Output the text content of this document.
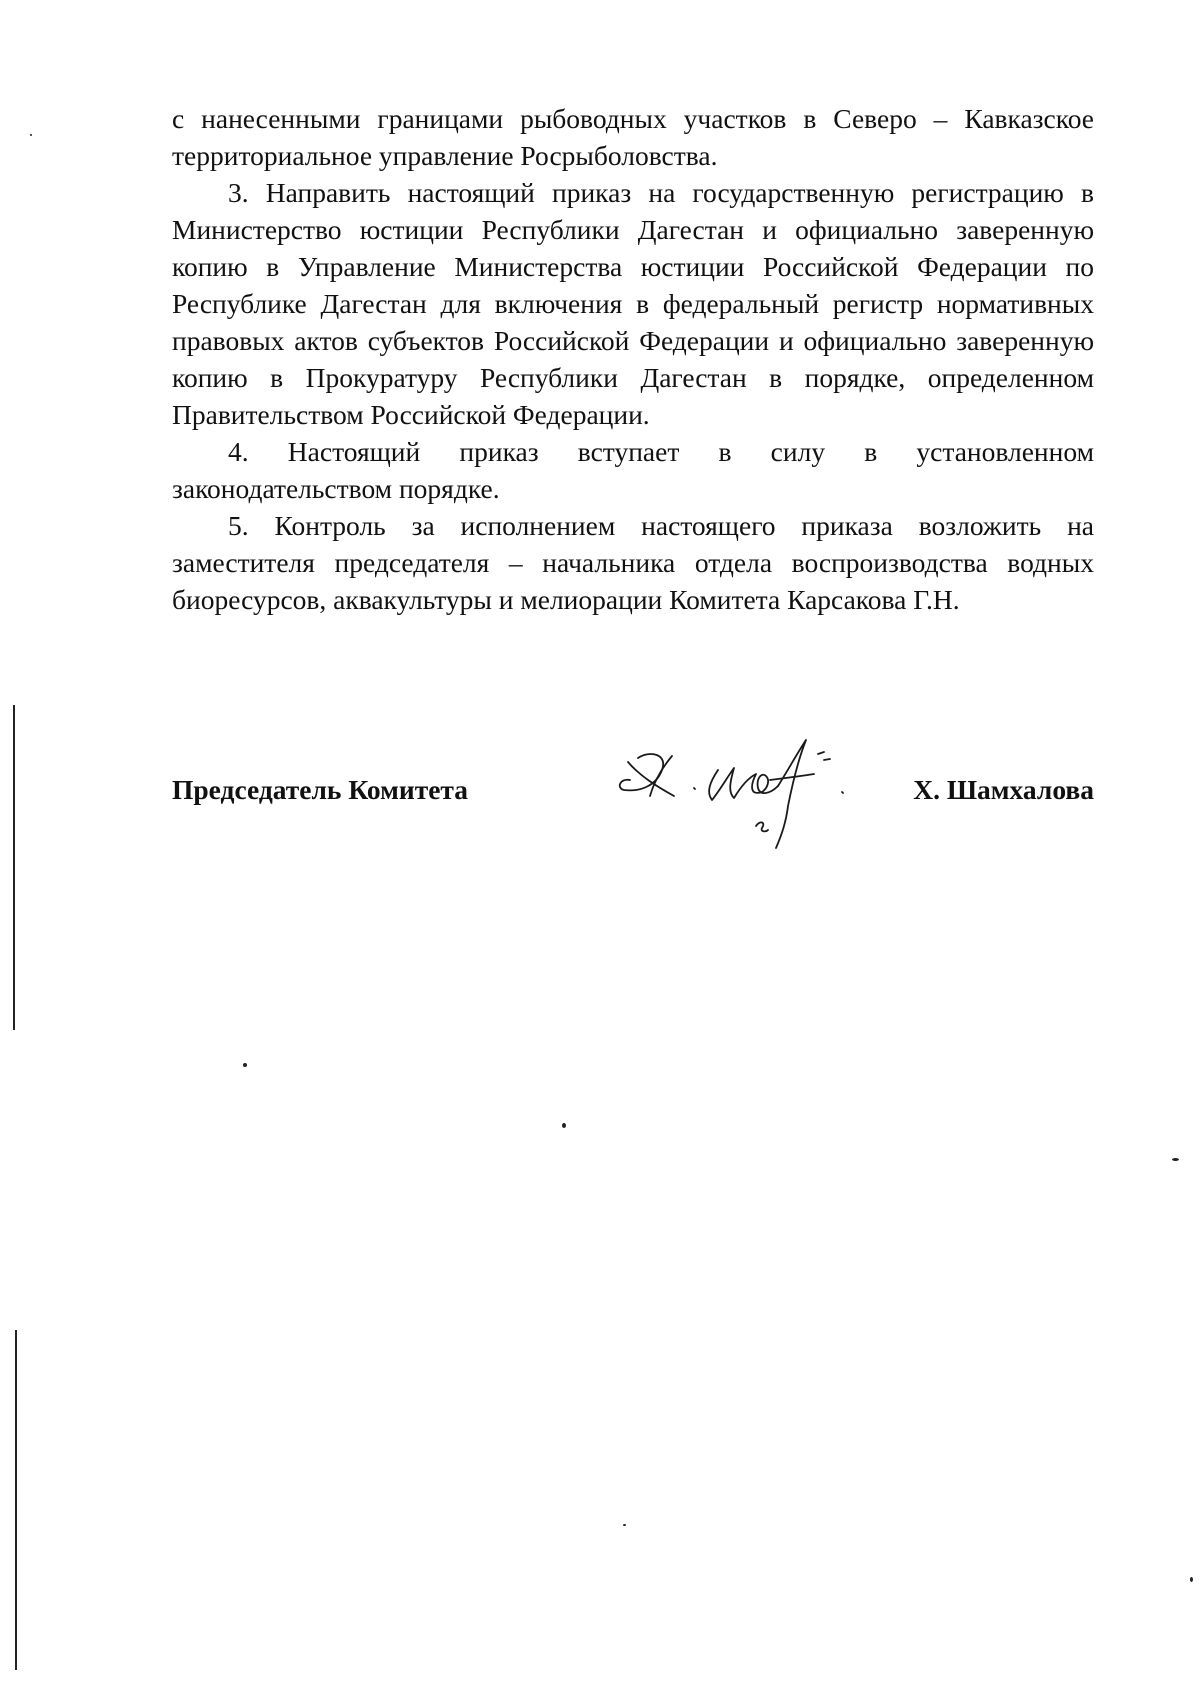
с нанесенными границами рыбоводных участков в Северо – Кавказское территориальное управление Росрыболовства.

3. Направить настоящий приказ на государственную регистрацию в Министерство юстиции Республики Дагестан и официально заверенную копию в Управление Министерства юстиции Российской Федерации по Республике Дагестан для включения в федеральный регистр нормативных правовых актов субъектов Российской Федерации и официально заверенную копию в Прокуратуру Республики Дагестан в порядке, определенном Правительством Российской Федерации.

4. Настоящий приказ вступает в силу в установленном законодательством порядке.

5. Контроль за исполнением настоящего приказа возложить на заместителя председателя – начальника отдела воспроизводства водных биоресурсов, аквакультуры и мелиорации Комитета Карсакова Г.Н.

Председатель Комитета	Х. Шамхалова
